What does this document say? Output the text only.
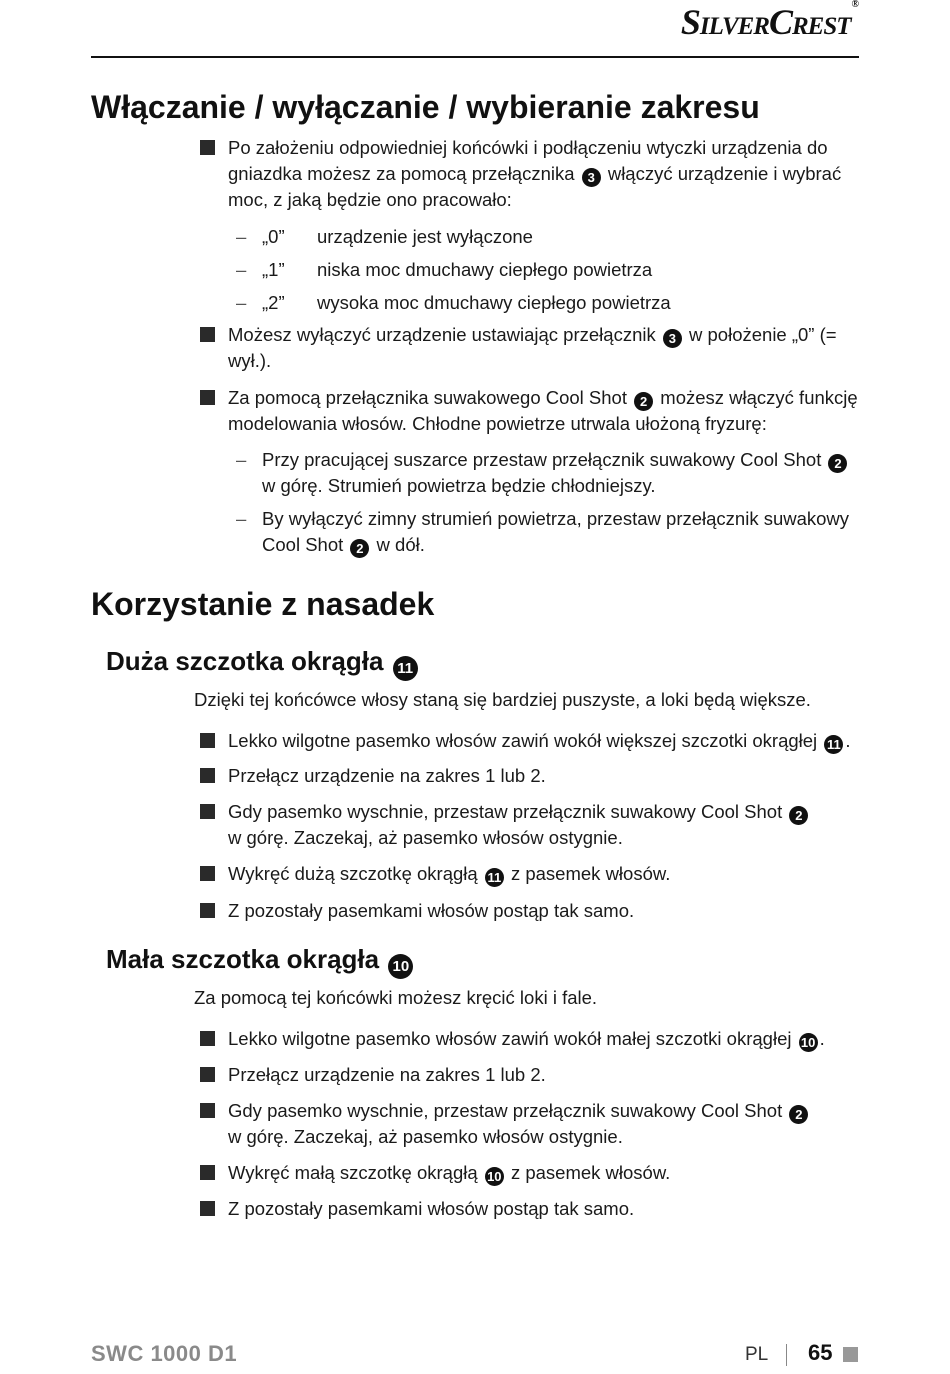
SilverCrest®
Włączanie / wyłączanie / wybieranie zakresu
Po założeniu odpowiedniej końcówki i podłączeniu wtyczki urządzenia do gniazdka możesz za pomocą przełącznika 3 włączyć urządzenie i wybrać moc, z jaką będzie ono pracowało:
– „0” urządzenie jest wyłączone
– „1” niska moc dmuchawy ciepłego powietrza
– „2” wysoka moc dmuchawy ciepłego powietrza
Możesz wyłączyć urządzenie ustawiając przełącznik 3 w położenie „0” (= wył.).
Za pomocą przełącznika suwakowego Cool Shot 2 możesz włączyć funkcję modelowania włosów. Chłodne powietrze utrwala ułożoną fryzurę:
– Przy pracującej suszarce przestaw przełącznik suwakowy Cool Shot 2 w górę. Strumień powietrza będzie chłodniejszy.
– By wyłączyć zimny strumień powietrza, przestaw przełącznik suwakowy Cool Shot 2 w dół.
Korzystanie z nasadek
Duża szczotka okrągła 11
Dzięki tej końcówce włosy staną się bardziej puszyste, a loki będą większe.
Lekko wilgotne pasemko włosów zawiń wokół większej szczotki okrągłej 11 .
Przełącz urządzenie na zakres 1 lub 2.
Gdy pasemko wyschnie, przestaw przełącznik suwakowy Cool Shot 2
w górę. Zaczekaj, aż pasemko włosów ostygnie.
Wykręć dużą szczotkę okrągłą 11 z pasemek włosów.
Z pozostały pasemkami włosów postąp tak samo.
Mała szczotka okrągła 10
Za pomocą tej końcówki możesz kręcić loki i fale.
Lekko wilgotne pasemko włosów zawiń wokół małej szczotki okrągłej 10 .
Przełącz urządzenie na zakres 1 lub 2.
Gdy pasemko wyschnie, przestaw przełącznik suwakowy Cool Shot 2
w górę. Zaczekaj, aż pasemko włosów ostygnie.
Wykręć małą szczotkę okrągłą 10 z pasemek włosów.
Z pozostały pasemkami włosów postąp tak samo.
SWC 1000 D1	PL 65
